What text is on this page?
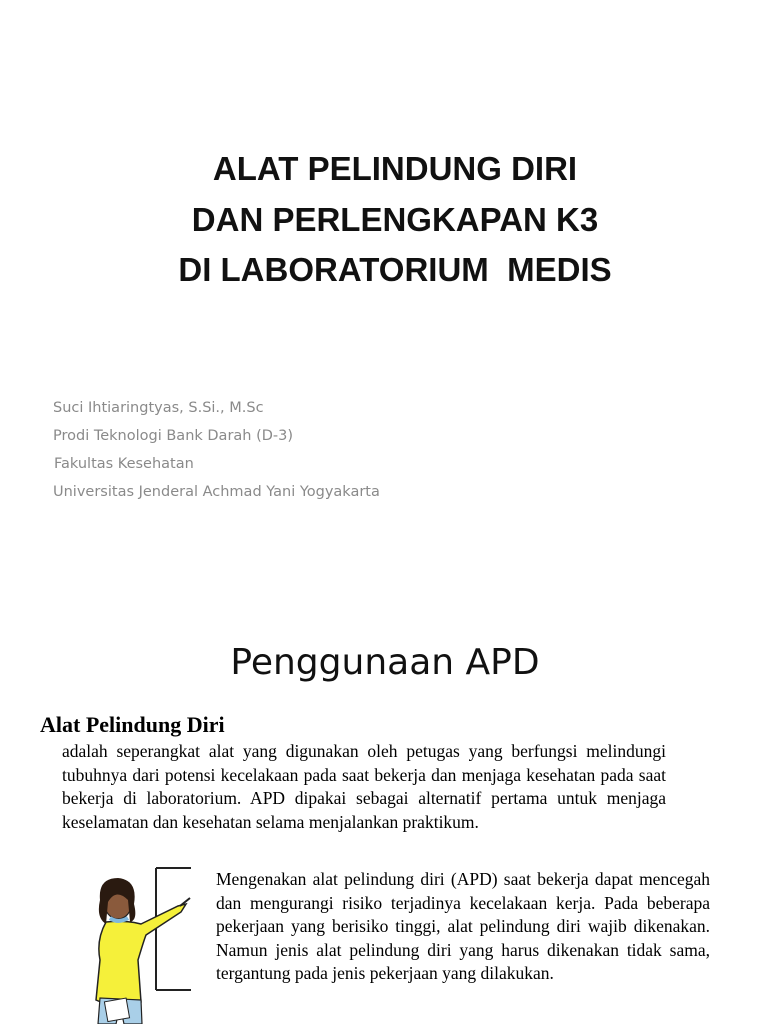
ALAT PELINDUNG DIRI
DAN PERLENGKAPAN K3
DI LABORATORIUM  MEDIS
Suci Ihtiaringtyas, S.Si., M.Sc
Prodi Teknologi Bank Darah (D-3)
Fakultas Kesehatan
Universitas Jenderal Achmad Yani Yogyakarta
Penggunaan APD
Alat Pelindung Diri
adalah seperangkat alat yang digunakan oleh petugas yang berfungsi melindungi tubuhnya dari potensi kecelakaan pada saat bekerja dan menjaga kesehatan pada saat bekerja di laboratorium. APD dipakai sebagai alternatif pertama untuk menjaga keselamatan dan kesehatan selama menjalankan praktikum.
Mengenakan alat pelindung diri (APD) saat bekerja dapat mencegah dan mengurangi risiko terjadinya kecelakaan kerja. Pada beberapa pekerjaan yang berisiko tinggi, alat pelindung diri wajib dikenakan. Namun jenis alat pelindung diri yang harus dikenakan tidak sama, tergantung pada jenis pekerjaan yang dilakukan.
